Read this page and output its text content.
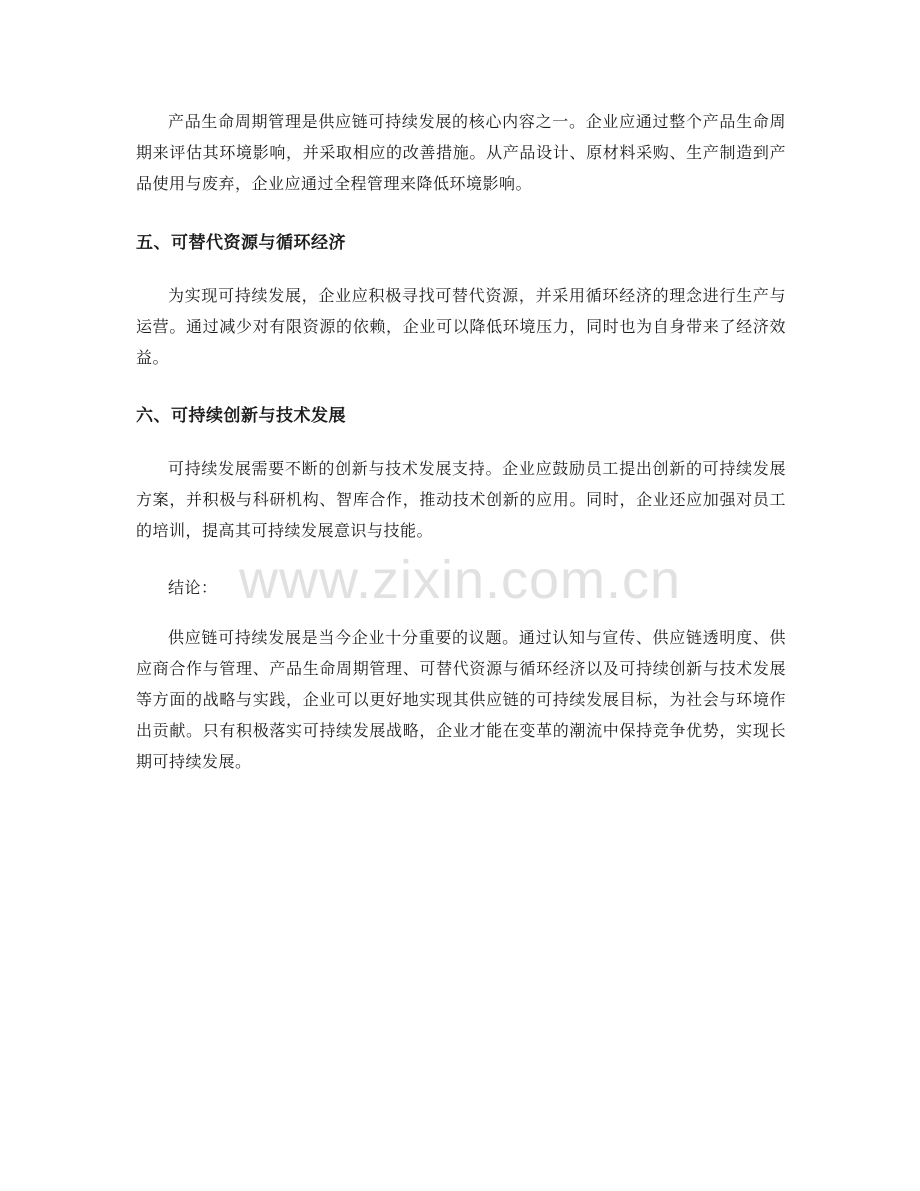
产品生命周期管理是供应链可持续发展的核心内容之一。企业应通过整个产品生命周期来评估其环境影响，并采取相应的改善措施。从产品设计、原材料采购、生产制造到产品使用与废弃，企业应通过全程管理来降低环境影响。

五、可替代资源与循环经济

为实现可持续发展，企业应积极寻找可替代资源，并采用循环经济的理念进行生产与运营。通过减少对有限资源的依赖，企业可以降低环境压力，同时也为自身带来了经济效益。

六、可持续创新与技术发展

可持续发展需要不断的创新与技术发展支持。企业应鼓励员工提出创新的可持续发展方案，并积极与科研机构、智库合作，推动技术创新的应用。同时，企业还应加强对员工的培训，提高其可持续发展意识与技能。

www.zixin.com.cn

结论：

供应链可持续发展是当今企业十分重要的议题。通过认知与宣传、供应链透明度、供应商合作与管理、产品生命周期管理、可替代资源与循环经济以及可持续创新与技术发展等方面的战略与实践，企业可以更好地实现其供应链的可持续发展目标，为社会与环境作出贡献。只有积极落实可持续发展战略，企业才能在变革的潮流中保持竞争优势，实现长期可持续发展。
